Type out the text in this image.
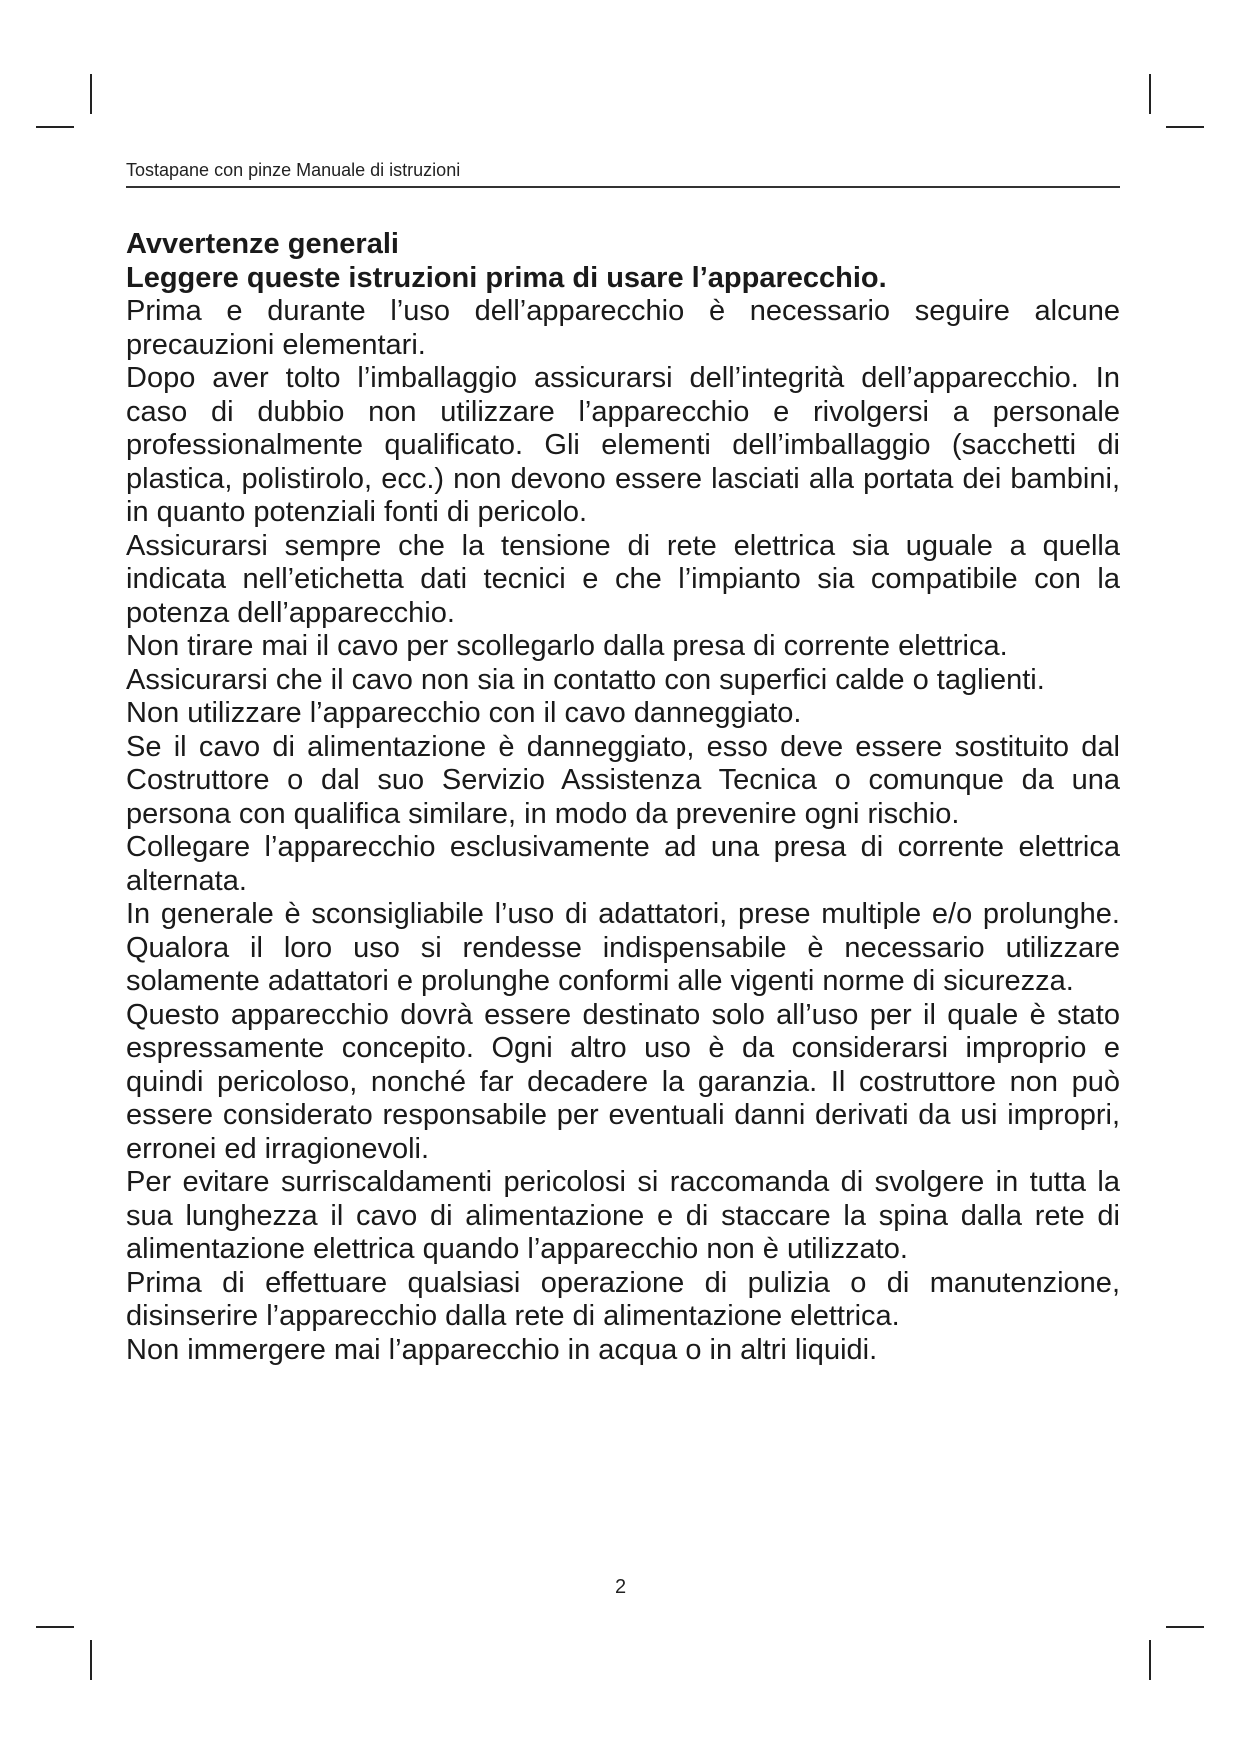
Tostapane con pinze Manuale di istruzioni
Avvertenze generali
Leggere queste istruzioni prima di usare l’apparecchio.

Prima e durante l’uso dell’apparecchio è necessario seguire alcune precauzioni elementari.

Dopo aver tolto l’imballaggio assicurarsi dell’integrità dell’apparecchio. In caso di dubbio non utilizzare l’apparecchio e rivolgersi a personale professionalmente qualificato. Gli elementi dell’imballaggio (sacchetti di plastica, polistirolo, ecc.) non devono essere lasciati alla portata dei bambini, in quanto potenziali fonti di pericolo.

Assicurarsi sempre che la tensione di rete elettrica sia uguale a quella indicata nell’etichetta dati tecnici e che l’impianto sia compatibile con la potenza dell’apparecchio.

Non tirare mai il cavo per scollegarlo dalla presa di corrente elettrica.

Assicurarsi che il cavo non sia in contatto con superfici calde o taglienti.

Non utilizzare l’apparecchio con il cavo danneggiato.

Se il cavo di alimentazione è danneggiato, esso deve essere sostituito dal Costruttore o dal suo Servizio Assistenza Tecnica o comunque da una persona con qualifica similare, in modo da prevenire ogni rischio.

Collegare l’apparecchio esclusivamente ad una presa di corrente elettrica alternata.

In generale è sconsigliabile l’uso di adattatori, prese multiple e/o prolunghe. Qualora il loro uso si rendesse indispensabile è necessario utilizzare solamente adattatori e prolunghe conformi alle vigenti norme di sicurezza.

Questo apparecchio dovrà essere destinato solo all’uso per il quale è stato espressamente concepito. Ogni altro uso è da considerarsi improprio e quindi pericoloso, nonché far decadere la garanzia. Il costruttore non può essere considerato responsabile per eventuali danni derivati da usi impropri, erronei ed irragionevoli.

Per evitare surriscaldamenti pericolosi si raccomanda di svolgere in tutta la sua lunghezza il cavo di alimentazione e di staccare la spina dalla rete di alimentazione elettrica quando l’apparecchio non è utilizzato.

Prima di effettuare qualsiasi operazione di pulizia o di manutenzione, disinserire l’apparecchio dalla rete di alimentazione elettrica.

Non immergere mai l’apparecchio in acqua o in altri liquidi.

2
